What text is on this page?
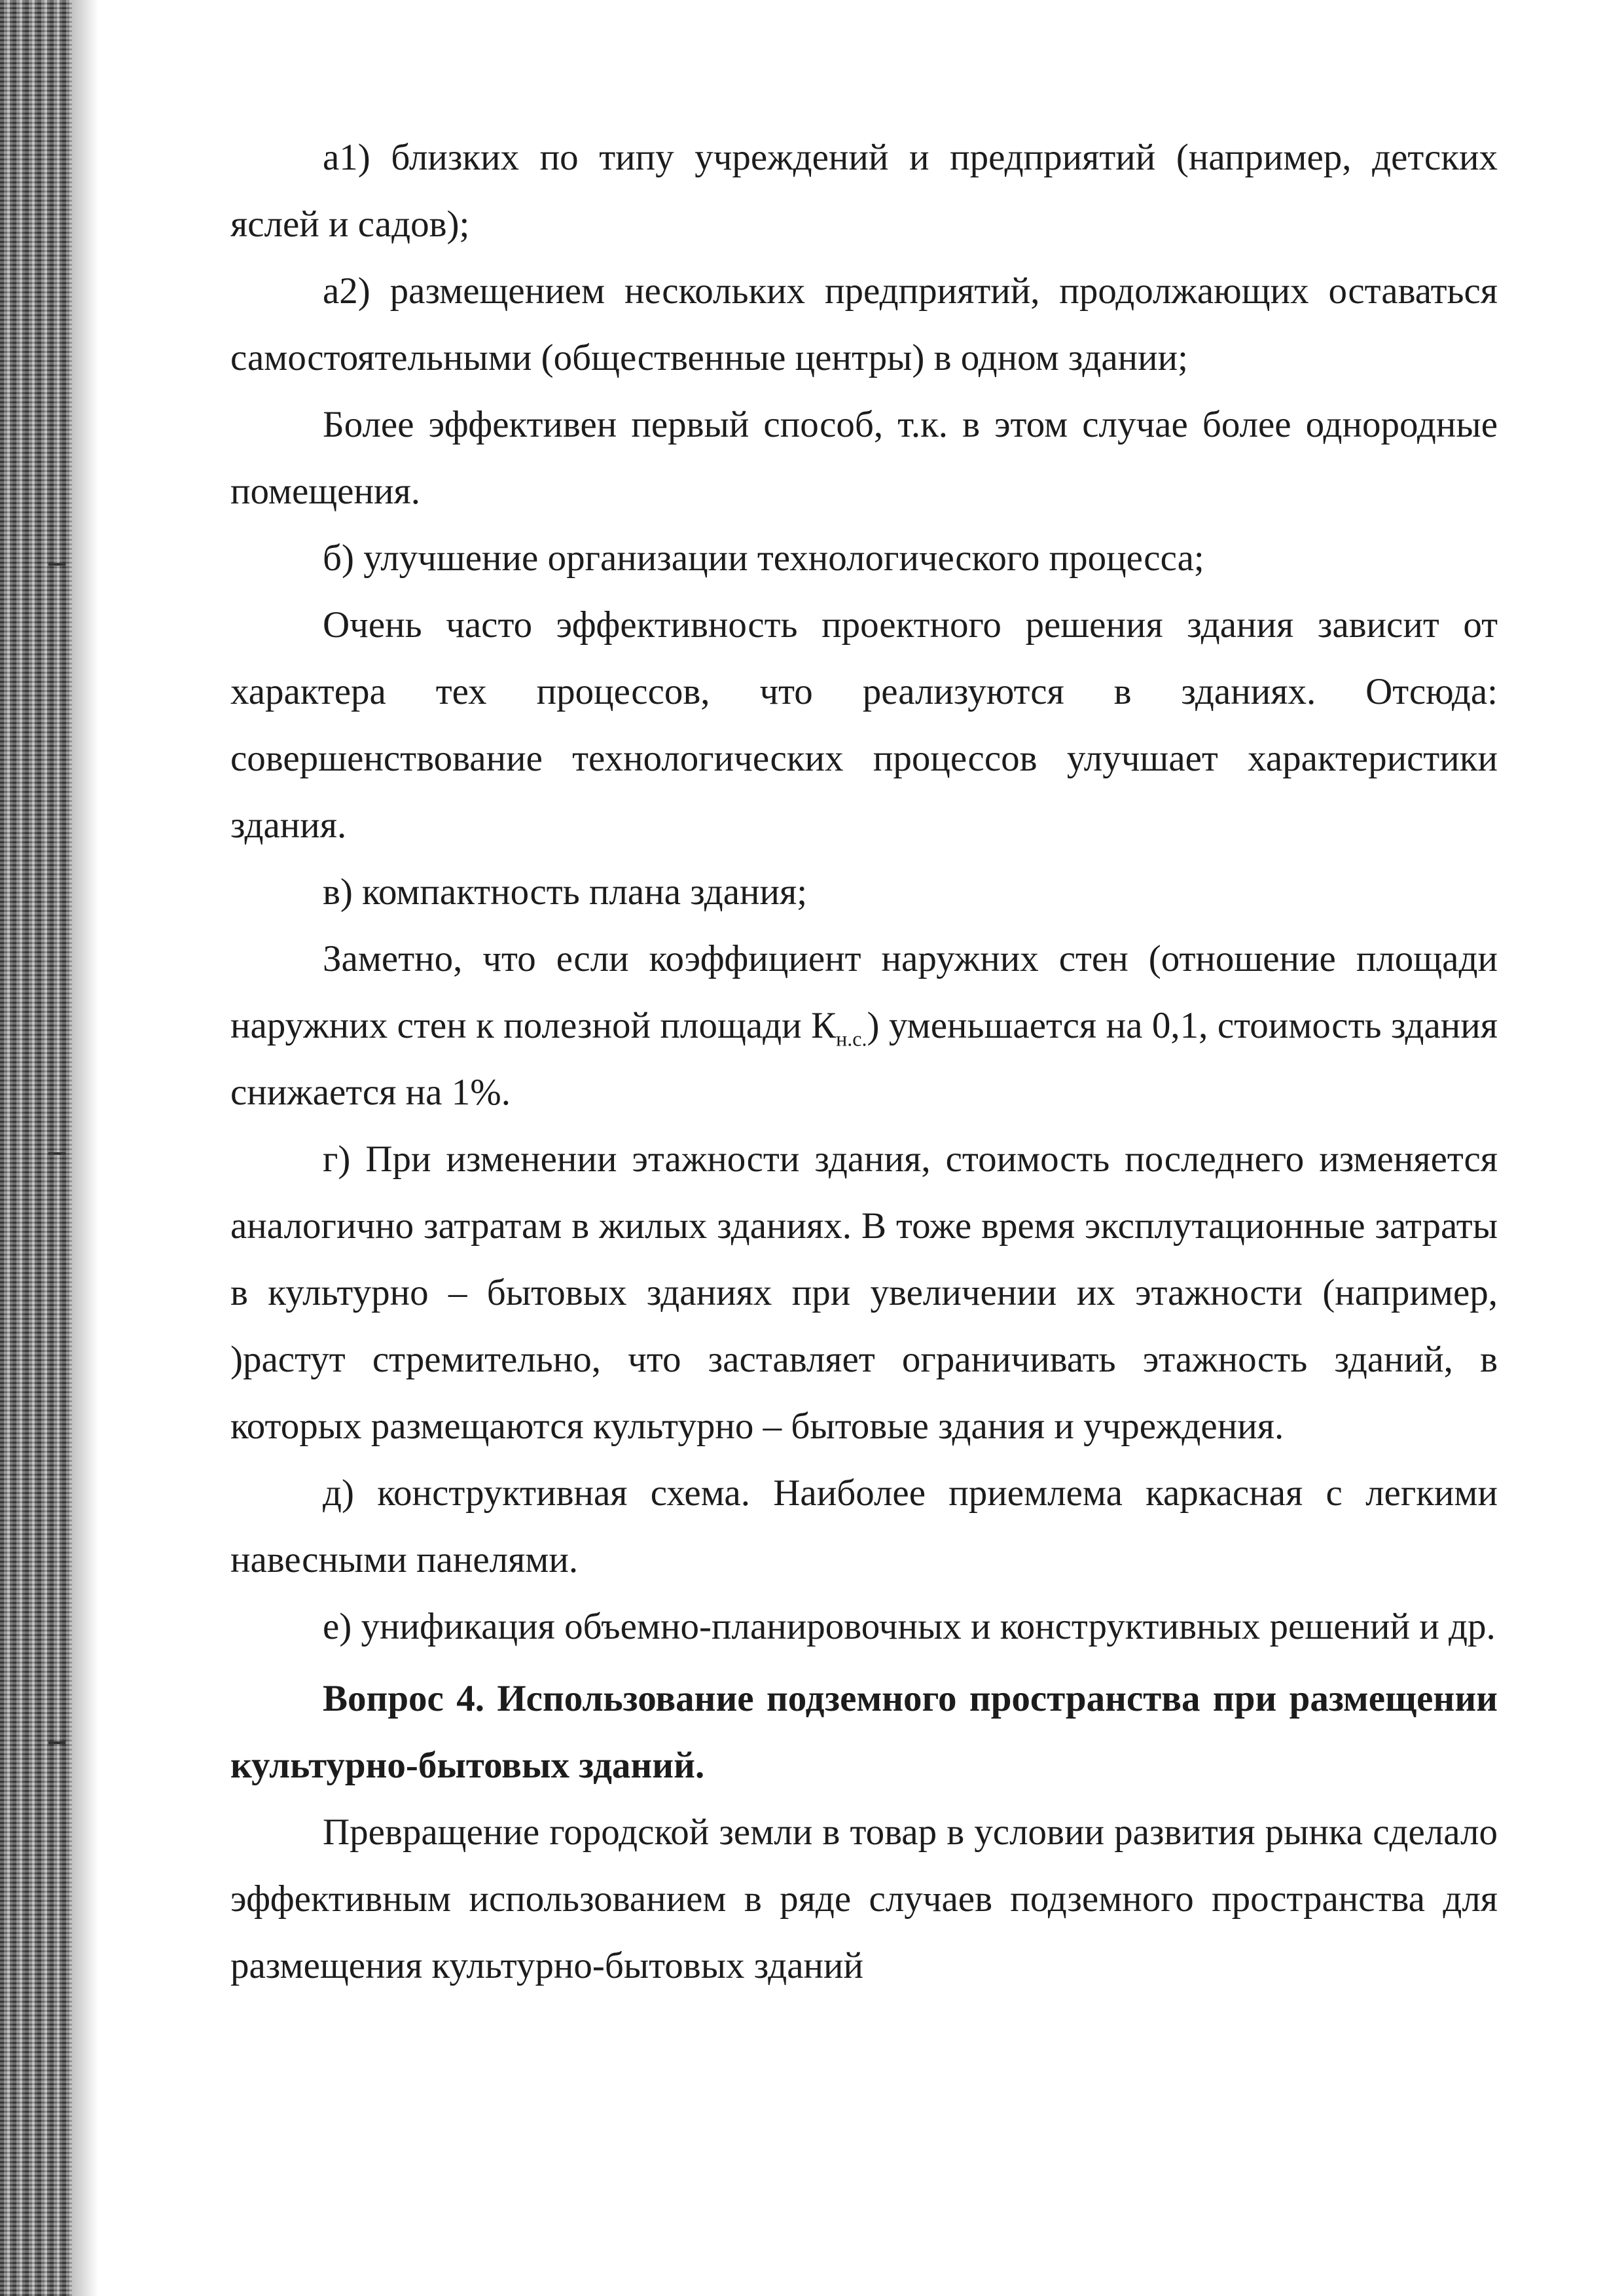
а1) близких по типу учреждений и предприятий (например, детских яслей и садов);

а2) размещением нескольких предприятий, продолжающих оставаться самостоятельными (общественные центры) в одном здании;

Более эффективен первый способ, т.к. в этом случае более однородные помещения.

б) улучшение организации технологического процесса;

Очень часто эффективность проектного решения здания зависит от характера тех процессов, что реализуются в зданиях. Отсюда: совершенствование технологических процессов улучшает характеристики здания.

в) компактность плана здания;

Заметно, что если коэффициент наружних стен (отношение площади наружних стен к полезной площади $К_{н.с.}$) уменьшается на 0,1, стоимость здания снижается на 1%.

г) При изменении этажности здания, стоимость последнего изменяется аналогично затратам в жилых зданиях. В тоже время эксплутационные затраты в культурно – бытовых зданиях при увеличении их этажности (например, )растут стремительно, что заставляет ограничивать этажность зданий, в которых размещаются культурно – бытовые здания и учреждения.

д) конструктивная схема. Наиболее приемлема каркасная с легкими навесными панелями.

е) унификация объемно-планировочных и конструктивных решений и др.

Вопрос 4. Использование подземного пространства при размещении культурно-бытовых зданий.

Превращение городской земли в товар в условии развития рынка сделало эффективным использованием в ряде случаев подземного пространства для размещения культурно-бытовых зданий
